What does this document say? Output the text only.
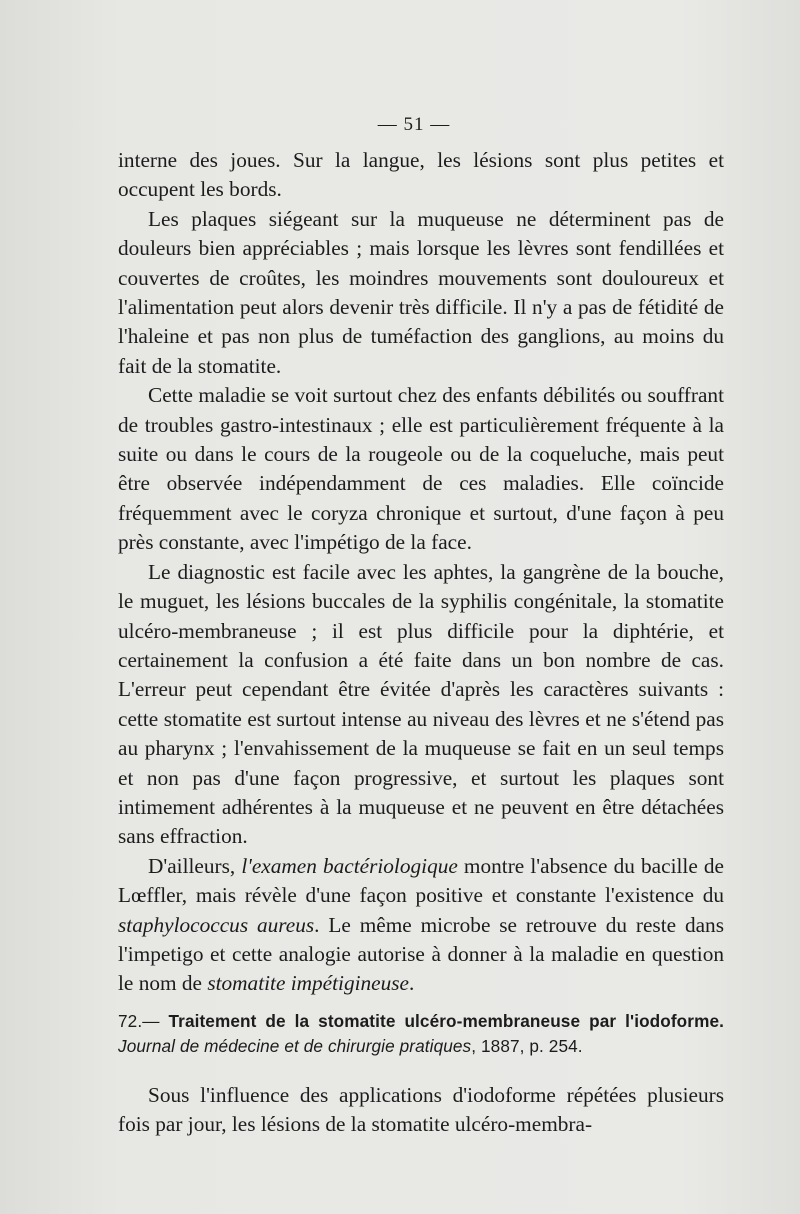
— 51 —

interne des joues. Sur la langue, les lésions sont plus petites et occupent les bords.

Les plaques siégeant sur la muqueuse ne déterminent pas de douleurs bien appréciables ; mais lorsque les lèvres sont fendillées et couvertes de croûtes, les moindres mouvements sont douloureux et l'alimentation peut alors devenir très difficile. Il n'y a pas de fétidité de l'haleine et pas non plus de tuméfaction des ganglions, au moins du fait de la stomatite.

Cette maladie se voit surtout chez des enfants débilités ou souffrant de troubles gastro-intestinaux ; elle est particulièrement fréquente à la suite ou dans le cours de la rougeole ou de la coqueluche, mais peut être observée indépendamment de ces maladies. Elle coïncide fréquemment avec le coryza chronique et surtout, d'une façon à peu près constante, avec l'impétigo de la face.

Le diagnostic est facile avec les aphtes, la gangrène de la bouche, le muguet, les lésions buccales de la syphilis congénitale, la stomatite ulcéro-membraneuse ; il est plus difficile pour la diphtérie, et certainement la confusion a été faite dans un bon nombre de cas. L'erreur peut cependant être évitée d'après les caractères suivants : cette stomatite est surtout intense au niveau des lèvres et ne s'étend pas au pharynx ; l'envahissement de la muqueuse se fait en un seul temps et non pas d'une façon progressive, et surtout les plaques sont intimement adhérentes à la muqueuse et ne peuvent en être détachées sans effraction.

D'ailleurs, l'examen bactériologique montre l'absence du bacille de Lœffler, mais révèle d'une façon positive et constante l'existence du staphylococcus aureus. Le même microbe se retrouve du reste dans l'impetigo et cette analogie autorise à donner à la maladie en question le nom de stomatite impétigineuse.

72.— Traitement de la stomatite ulcéro-membraneuse par l'iodoforme. Journal de médecine et de chirurgie pratiques, 1887, p. 254.

Sous l'influence des applications d'iodoforme répétées plusieurs fois par jour, les lésions de la stomatite ulcéro-membra-
